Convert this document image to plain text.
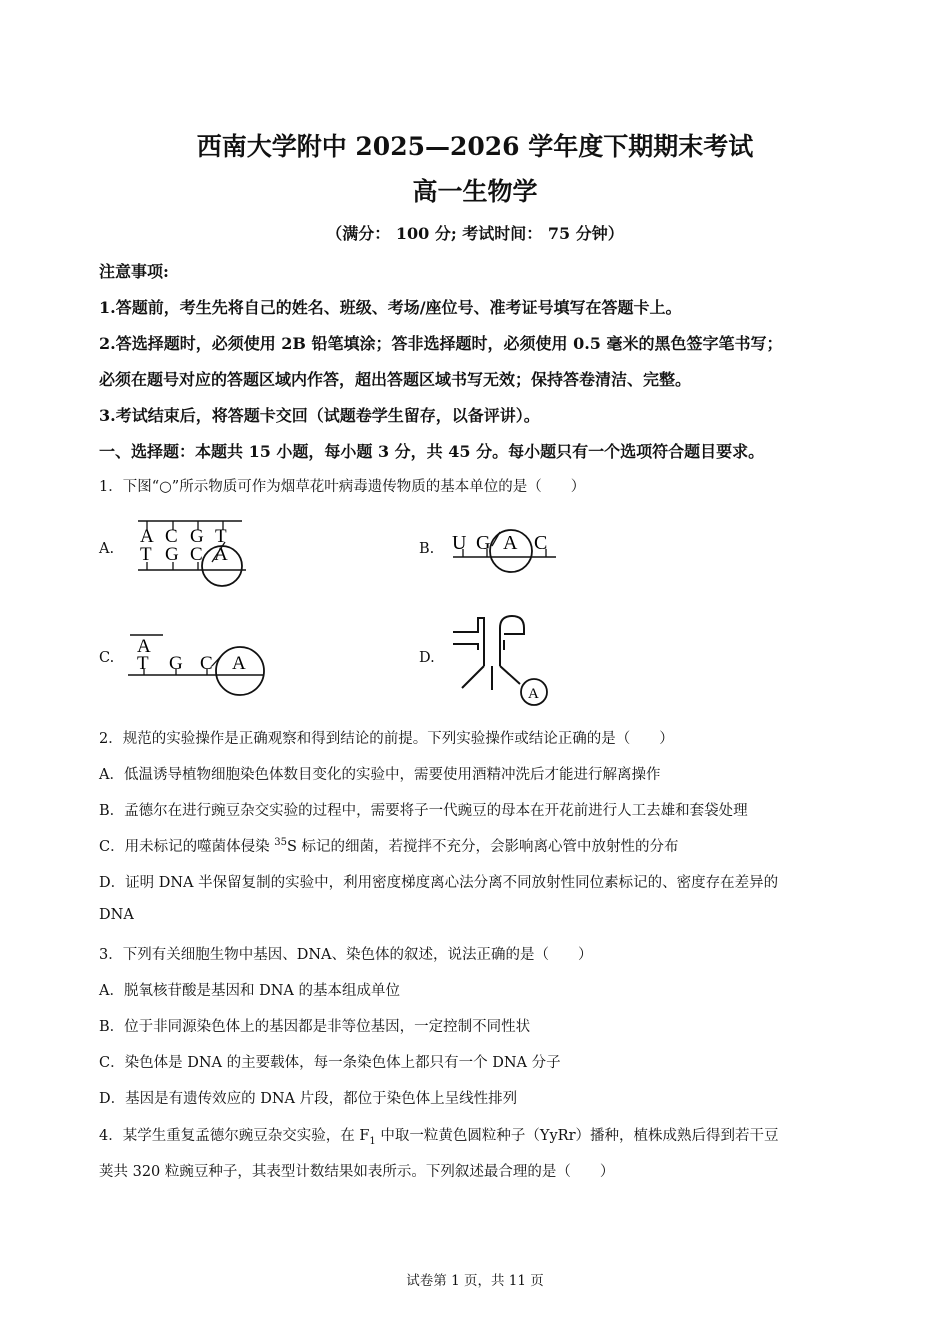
西南大学附中 2025—2026 学年度下期期末考试
高一生物学
（满分： 100 分; 考试时间： 75 分钟）
注意事项:
1.答题前，考生先将自己的姓名、班级、考场/座位号、准考证号填写在答题卡上。
2.答选择题时，必须使用 2B 铅笔填涂；答非选择题时，必须使用 0.5 毫米的黑色签字笔书写；
必须在题号对应的答题区域内作答，超出答题区域书写无效；保持答卷清洁、完整。
3.考试结束后，将答题卡交回（试题卷学生留存，以备评讲）。
一、选择题：本题共 15 小题，每小题 3 分，共 45 分。每小题只有一个选项符合题目要求。
1．下图“○”所示物质可作为烟草花叶病毒遗传物质的基本单位的是（　　）
A.
A C G T
T G C A	B. U G A C
C.
A
T G C A	D.
A
2．规范的实验操作是正确观察和得到结论的前提。下列实验操作或结论正确的是（　　）
A．低温诱导植物细胞染色体数目变化的实验中，需要使用酒精冲洗后才能进行解离操作
B．孟德尔在进行豌豆杂交实验的过程中，需要将子一代豌豆的母本在开花前进行人工去雄和套袋处理
C．用未标记的噬菌体侵染 $^{35}$S 标记的细菌，若搅拌不充分，会影响离心管中放射性的分布
D．证明 DNA 半保留复制的实验中，利用密度梯度离心法分离不同放射性同位素标记的、密度存在差异的
DNA
3．下列有关细胞生物中基因、DNA、染色体的叙述，说法正确的是（　　）
A．脱氧核苷酸是基因和 DNA 的基本组成单位
B．位于非同源染色体上的基因都是非等位基因，一定控制不同性状
C．染色体是 DNA 的主要载体，每一条染色体上都只有一个 DNA 分子
D．基因是有遗传效应的 DNA 片段，都位于染色体上呈线性排列
4．某学生重复孟德尔豌豆杂交实验，在 $F_1$ 中取一粒黄色圆粒种子（YyRr）播种，植株成熟后得到若干豆
荚共 320 粒豌豆种子，其表型计数结果如表所示。下列叙述最合理的是（　　）
试卷第 1 页，共 11 页
